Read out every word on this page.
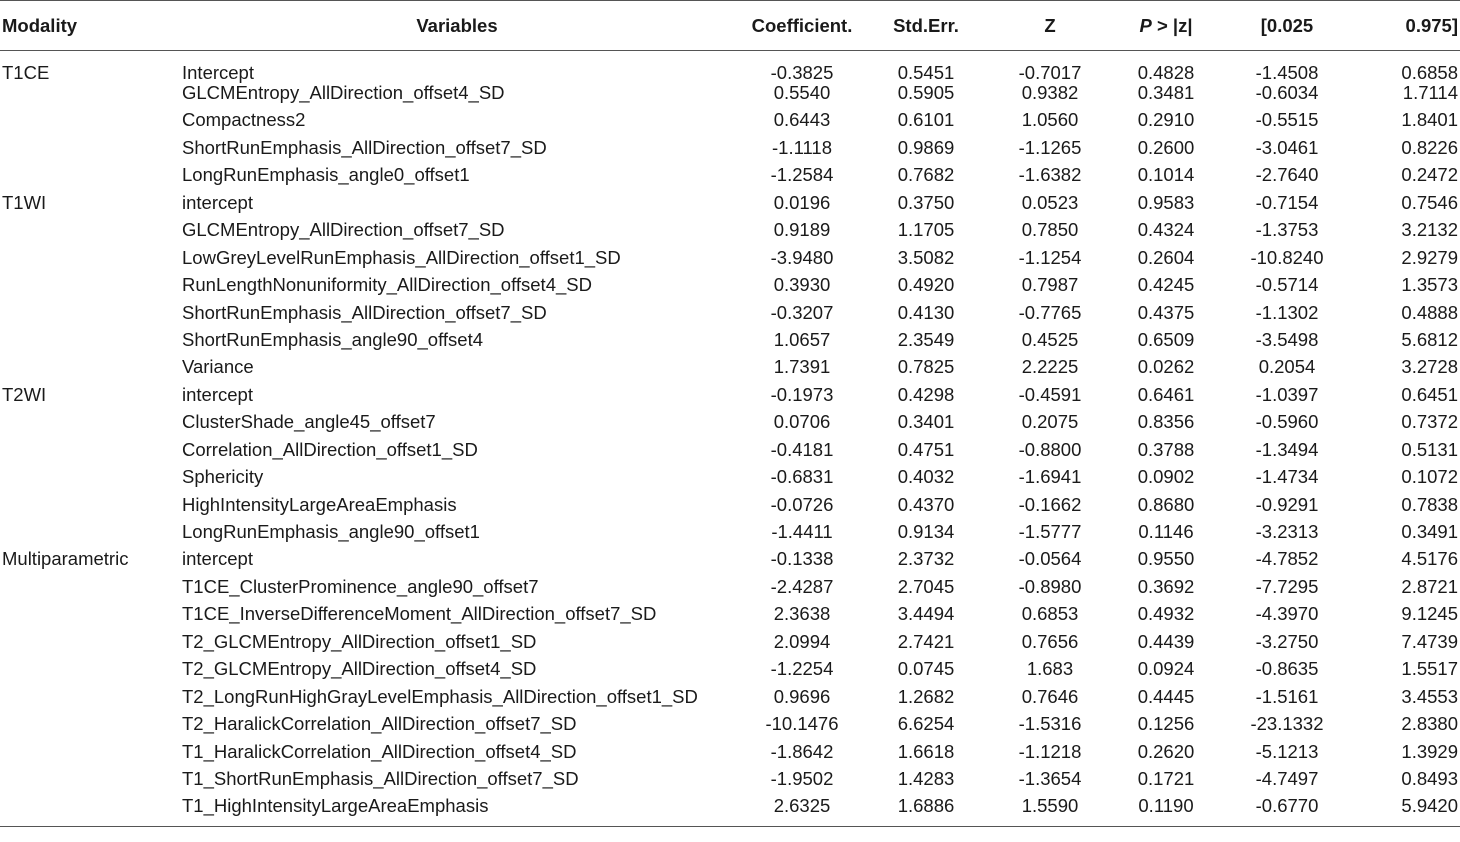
Modality	Variables	Coefficient.	Std.Err.	Z	P > |z|	[0.025	0.975]
T1CE	Intercept	-0.3825	0.5451	-0.7017	0.4828	-1.4508	0.6858
	GLCMEntropy_AllDirection_offset4_SD	0.5540	0.5905	0.9382	0.3481	-0.6034	1.7114
	Compactness2	0.6443	0.6101	1.0560	0.2910	-0.5515	1.8401
	ShortRunEmphasis_AllDirection_offset7_SD	-1.1118	0.9869	-1.1265	0.2600	-3.0461	0.8226
	LongRunEmphasis_angle0_offset1	-1.2584	0.7682	-1.6382	0.1014	-2.7640	0.2472
T1WI	intercept	0.0196	0.3750	0.0523	0.9583	-0.7154	0.7546
	GLCMEntropy_AllDirection_offset7_SD	0.9189	1.1705	0.7850	0.4324	-1.3753	3.2132
	LowGreyLevelRunEmphasis_AllDirection_offset1_SD	-3.9480	3.5082	-1.1254	0.2604	-10.8240	2.9279
	RunLengthNonuniformity_AllDirection_offset4_SD	0.3930	0.4920	0.7987	0.4245	-0.5714	1.3573
	ShortRunEmphasis_AllDirection_offset7_SD	-0.3207	0.4130	-0.7765	0.4375	-1.1302	0.4888
	ShortRunEmphasis_angle90_offset4	1.0657	2.3549	0.4525	0.6509	-3.5498	5.6812
	Variance	1.7391	0.7825	2.2225	0.0262	0.2054	3.2728
T2WI	intercept	-0.1973	0.4298	-0.4591	0.6461	-1.0397	0.6451
	ClusterShade_angle45_offset7	0.0706	0.3401	0.2075	0.8356	-0.5960	0.7372
	Correlation_AllDirection_offset1_SD	-0.4181	0.4751	-0.8800	0.3788	-1.3494	0.5131
	Sphericity	-0.6831	0.4032	-1.6941	0.0902	-1.4734	0.1072
	HighIntensityLargeAreaEmphasis	-0.0726	0.4370	-0.1662	0.8680	-0.9291	0.7838
	LongRunEmphasis_angle90_offset1	-1.4411	0.9134	-1.5777	0.1146	-3.2313	0.3491
Multiparametric	intercept	-0.1338	2.3732	-0.0564	0.9550	-4.7852	4.5176
	T1CE_ClusterProminence_angle90_offset7	-2.4287	2.7045	-0.8980	0.3692	-7.7295	2.8721
	T1CE_InverseDifferenceMoment_AllDirection_offset7_SD	2.3638	3.4494	0.6853	0.4932	-4.3970	9.1245
	T2_GLCMEntropy_AllDirection_offset1_SD	2.0994	2.7421	0.7656	0.4439	-3.2750	7.4739
	T2_GLCMEntropy_AllDirection_offset4_SD	-1.2254	0.0745	1.683	0.0924	-0.8635	1.5517
	T2_LongRunHighGrayLevelEmphasis_AllDirection_offset1_SD	0.9696	1.2682	0.7646	0.4445	-1.5161	3.4553
	T2_HaralickCorrelation_AllDirection_offset7_SD	-10.1476	6.6254	-1.5316	0.1256	-23.1332	2.8380
	T1_HaralickCorrelation_AllDirection_offset4_SD	-1.8642	1.6618	-1.1218	0.2620	-5.1213	1.3929
	T1_ShortRunEmphasis_AllDirection_offset7_SD	-1.9502	1.4283	-1.3654	0.1721	-4.7497	0.8493
	T1_HighIntensityLargeAreaEmphasis	2.6325	1.6886	1.5590	0.1190	-0.6770	5.9420
